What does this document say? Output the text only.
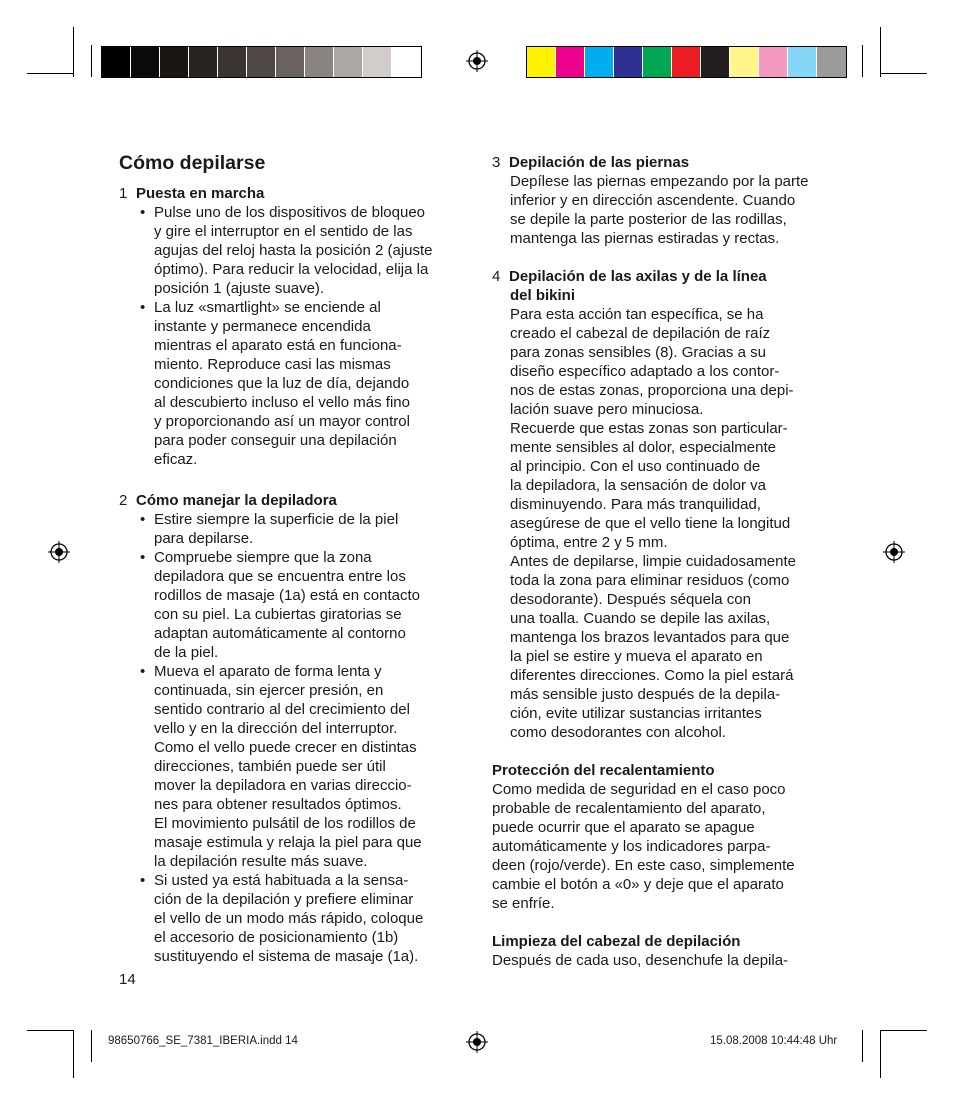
Cómo depilarse
1 Puesta en marcha
• Pulse uno de los dispositivos de bloqueo
y gire el interruptor en el sentido de las
agujas del reloj hasta la posición 2 (ajuste
óptimo). Para reducir la velocidad, elija la
posición 1 (ajuste suave).
• La luz «smartlight» se enciende al
instante y permanece encendida
mientras el aparato está en funciona-
miento. Reproduce casi las mismas
condiciones que la luz de día, dejando
al descubierto incluso el vello más fino
y proporcionando así un mayor control
para poder conseguir una depilación
eficaz.
2 Cómo manejar la depiladora
• Estire siempre la superficie de la piel
para depilarse.
• Compruebe siempre que la zona
depiladora que se encuentra entre los
rodillos de masaje (1a) está en contacto
con su piel. La cubiertas giratorias se
adaptan automáticamente al contorno
de la piel.
• Mueva el aparato de forma lenta y
continuada, sin ejercer presión, en
sentido contrario al del crecimiento del
vello y en la dirección del interruptor.
Como el vello puede crecer en distintas
direcciones, también puede ser útil
mover la depiladora en varias direccio-
nes para obtener resultados óptimos.
El movimiento pulsátil de los rodillos de
masaje estimula y relaja la piel para que
la depilación resulte más suave.
• Si usted ya está habituada a la sensa-
ción de la depilación y prefiere eliminar
el vello de un modo más rápido, coloque
el accesorio de posicionamiento (1b)
sustituyendo el sistema de masaje (1a).
14
3 Depilación de las piernas
Depílese las piernas empezando por la parte
inferior y en dirección ascendente. Cuando
se depile la parte posterior de las rodillas,
mantenga las piernas estiradas y rectas.
4 Depilación de las axilas y de la línea
del bikini
Para esta acción tan específica, se ha
creado el cabezal de depilación de raíz
para zonas sensibles (8). Gracias a su
diseño específico adaptado a los contor-
nos de estas zonas, proporciona una depi-
lación suave pero minuciosa.
Recuerde que estas zonas son particular-
mente sensibles al dolor, especialmente
al principio. Con el uso continuado de
la depiladora, la sensación de dolor va
disminuyendo. Para más tranquilidad,
asegúrese de que el vello tiene la longitud
óptima, entre 2 y 5 mm.
Antes de depilarse, limpie cuidadosamente
toda la zona para eliminar residuos (como
desodorante). Después séquela con
una toalla. Cuando se depile las axilas,
mantenga los brazos levantados para que
la piel se estire y mueva el aparato en
diferentes direcciones. Como la piel estará
más sensible justo después de la depila-
ción, evite utilizar sustancias irritantes
como desodorantes con alcohol.
Protección del recalentamiento
Como medida de seguridad en el caso poco
probable de recalentamiento del aparato,
puede ocurrir que el aparato se apague
automáticamente y los indicadores parpa-
deen (rojo/verde). En este caso, simplemente
cambie el botón a «0» y deje que el aparato
se enfríe.
Limpieza del cabezal de depilación
Después de cada uso, desenchufe la depila-
98650766_SE_7381_IBERIA.indd 14	15.08.2008 10:44:48 Uhr
